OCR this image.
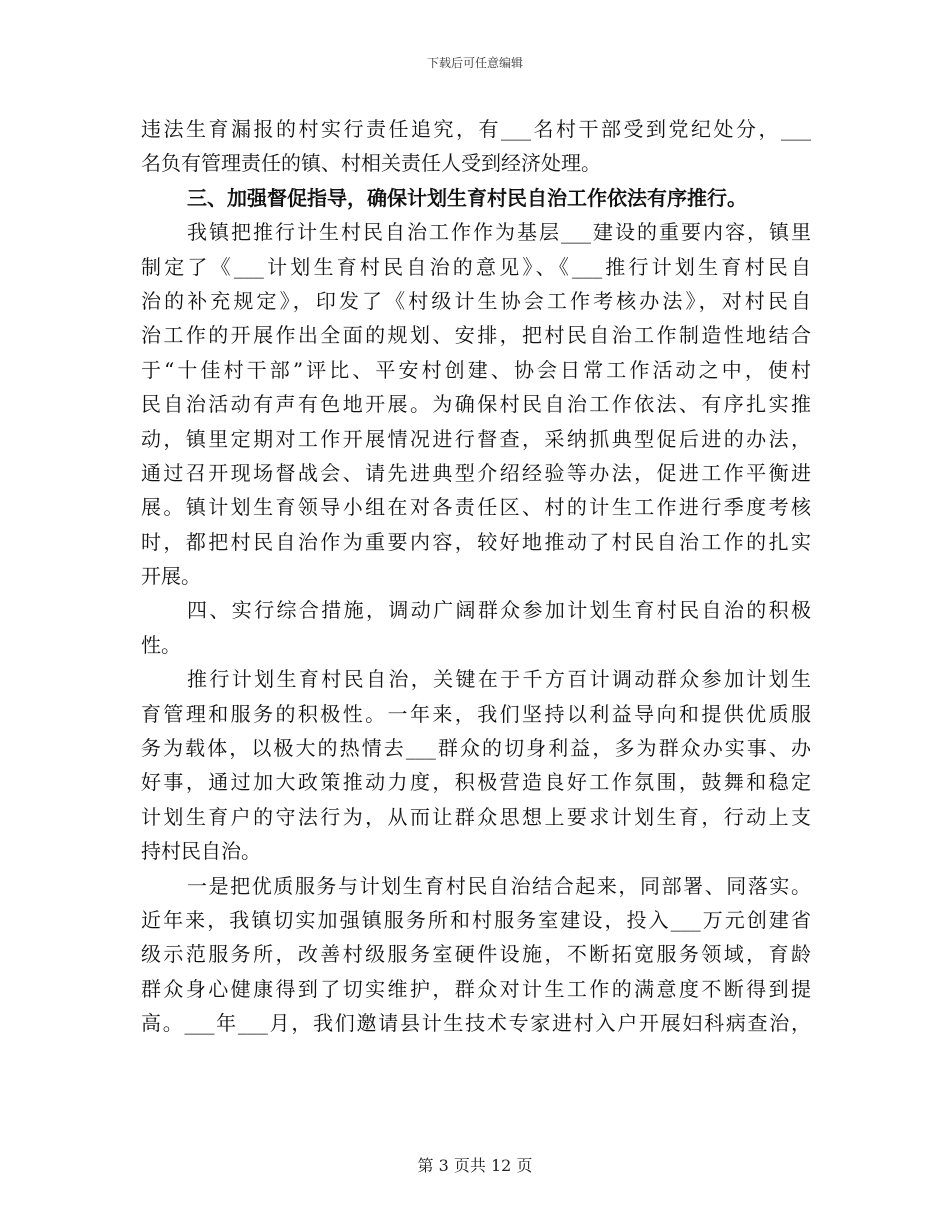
下载后可任意编辑
违法生育漏报的村实行责任追究，有___名村干部受到党纪处分，___
名负有管理责任的镇、村相关责任人受到经济处理。
三、加强督促指导，确保计划生育村民自治工作依法有序推行。
我镇把推行计生村民自治工作作为基层___建设的重要内容，镇里
制定了《___计划生育村民自治的意见》、《___推行计划生育村民自
治的补充规定》，印发了《村级计生协会工作考核办法》，对村民自
治工作的开展作出全面的规划、安排，把村民自治工作制造性地结合
于“十佳村干部”评比、平安村创建、协会日常工作活动之中，使村
民自治活动有声有色地开展。为确保村民自治工作依法、有序扎实推
动，镇里定期对工作开展情况进行督查，采纳抓典型促后进的办法，
通过召开现场督战会、请先进典型介绍经验等办法，促进工作平衡进
展。镇计划生育领导小组在对各责任区、村的计生工作进行季度考核
时，都把村民自治作为重要内容，较好地推动了村民自治工作的扎实
开展。
四、实行综合措施，调动广阔群众参加计划生育村民自治的积极
性。
推行计划生育村民自治，关键在于千方百计调动群众参加计划生
育管理和服务的积极性。一年来，我们坚持以利益导向和提供优质服
务为载体，以极大的热情去___群众的切身利益，多为群众办实事、办
好事，通过加大政策推动力度，积极营造良好工作氛围，鼓舞和稳定
计划生育户的守法行为，从而让群众思想上要求计划生育，行动上支
持村民自治。
一是把优质服务与计划生育村民自治结合起来，同部署、同落实。
近年来，我镇切实加强镇服务所和村服务室建设，投入___万元创建省
级示范服务所，改善村级服务室硬件设施，不断拓宽服务领域，育龄
群众身心健康得到了切实维护，群众对计生工作的满意度不断得到提
高。___年___月，我们邀请县计生技术专家进村入户开展妇科病查治，
第 3 页共 12 页
